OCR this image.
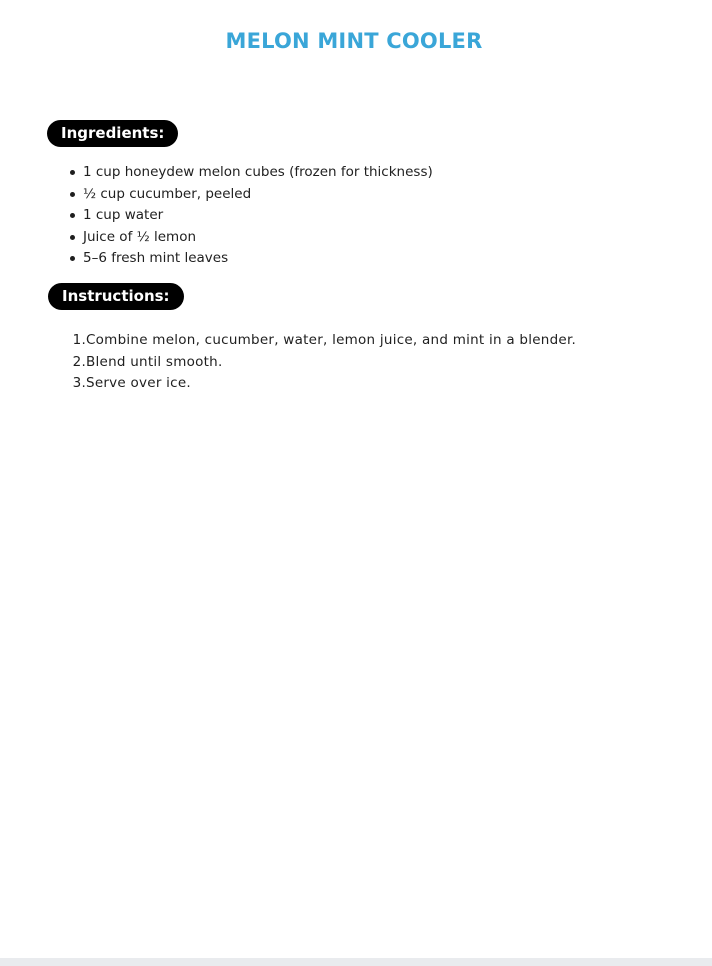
MELON MINT COOLER
Ingredients:
1 cup honeydew melon cubes (frozen for thickness)
½ cup cucumber, peeled
1 cup water
Juice of ½ lemon
5–6 fresh mint leaves
Instructions:
1.Combine melon, cucumber, water, lemon juice, and mint in a blender.
2.Blend until smooth.
3.Serve over ice.
